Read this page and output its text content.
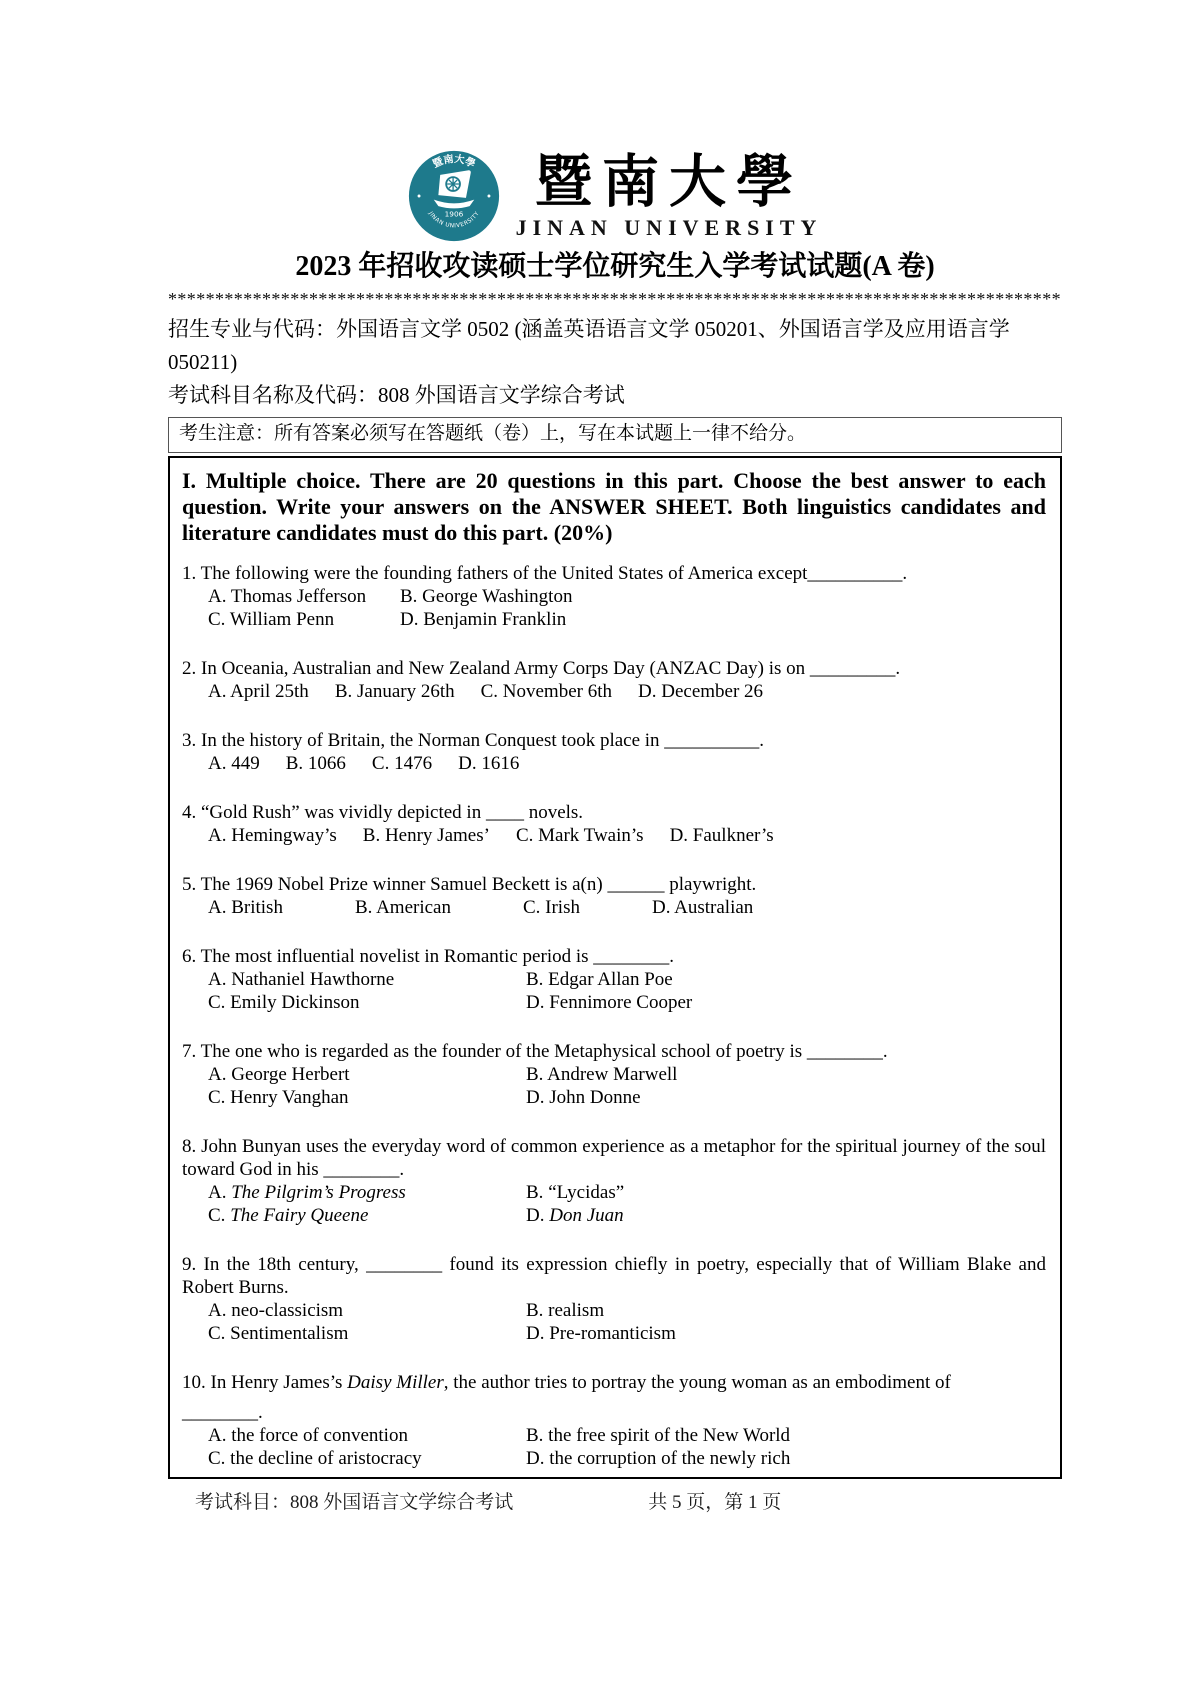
暨南大學
JINAN UNIVERSITY
1906
暨南大學
JINAN UNIVERSITY
2023 年招收攻读硕士学位研究生入学考试试题(A 卷)
***********************************************************************************************

招生专业与代码：外国语言文学 0502 (涵盖英语语言文学 050201、外国语言学及应用语言学 050211)

考试科目名称及代码：808 外国语言文学综合考试

考生注意：所有答案必须写在答题纸（卷）上，写在本试题上一律不给分。

I. Multiple choice. There are 20 questions in this part. Choose the best answer to each question. Write your answers on the ANSWER SHEET. Both linguistics candidates and literature candidates must do this part. (20%)

1. The following were the founding fathers of the United States of America except__________.

A. Thomas Jefferson	B. George Washington
C. William Penn	D. Benjamin Franklin

2. In Oceania, Australian and New Zealand Army Corps Day (ANZAC Day) is on _________.

A. April 25th B. January 26th C. November 6th D. December 26

3. In the history of Britain, the Norman Conquest took place in __________.

A. 449 B. 1066 C. 1476 D. 1616

4. “Gold Rush” was vividly depicted in ____ novels.

A. Hemingway’s B. Henry James’ C. Mark Twain’s D. Faulkner’s

5. The 1969 Nobel Prize winner Samuel Beckett is a(n) ______ playwright.

A. British	B. American	C. Irish	D. Australian

6. The most influential novelist in Romantic period is ________.

A. Nathaniel Hawthorne	B. Edgar Allan Poe
C. Emily Dickinson	D. Fennimore Cooper

7. The one who is regarded as the founder of the Metaphysical school of poetry is ________.

A. George Herbert	B. Andrew Marwell
C. Henry Vanghan	D. John Donne

8. John Bunyan uses the everyday word of common experience as a metaphor for the spiritual journey of the soul toward God in his ________.

A. The Pilgrim’s Progress	B. “Lycidas”
C. The Fairy Queene	D. Don Juan

9. In the 18th century, ________ found its expression chiefly in poetry, especially that of William Blake and Robert Burns.

A. neo-classicism	B. realism
C. Sentimentalism	D. Pre-romanticism

10. In Henry James’s Daisy Miller, the author tries to portray the young woman as an embodiment of

________.

A. the force of convention	B. the free spirit of the New World
C. the decline of aristocracy	D. the corruption of the newly rich
考试科目：808 外国语言文学综合考试	共 5 页，第 1 页
